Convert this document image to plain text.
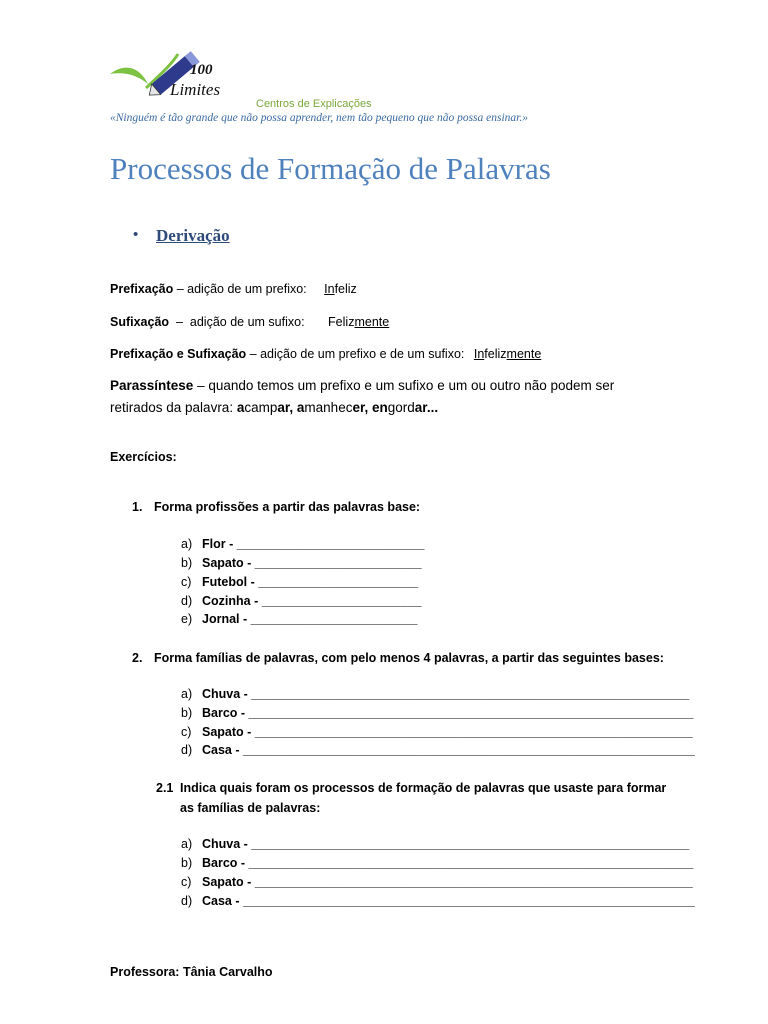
100
Limites
Centros de Explicações
«Ninguém é tão grande que não possa aprender, nem tão pequeno que não possa ensinar.»
Processos de Formação de Palavras
• Derivação
Prefixação – adição de um prefixo: Infeliz
Sufixação  –  adição de um sufixo: Felizmente
Prefixação e Sufixação – adição de um prefixo e de um sufixo: Infelizmente
Parassíntese – quando temos um prefixo e um sufixo e um ou outro não podem ser
retirados da palavra: acampar, amanhecer, engordar...
Exercícios:
1. Forma profissões a partir das palavras base:
a) Flor - ___________________________
b) Sapato - ________________________
c) Futebol - _______________________
d) Cozinha - _______________________
e) Jornal - ________________________
2. Forma famílias de palavras, com pelo menos 4 palavras, a partir das seguintes bases:
a) Chuva - _______________________________________________________________
b) Barco - ________________________________________________________________
c) Sapato - _______________________________________________________________
d) Casa - _________________________________________________________________
2.1 Indica quais foram os processos de formação de palavras que usaste para formar
as famílias de palavras:
a) Chuva - _______________________________________________________________
b) Barco - ________________________________________________________________
c) Sapato - _______________________________________________________________
d) Casa - _________________________________________________________________
Professora: Tânia Carvalho
